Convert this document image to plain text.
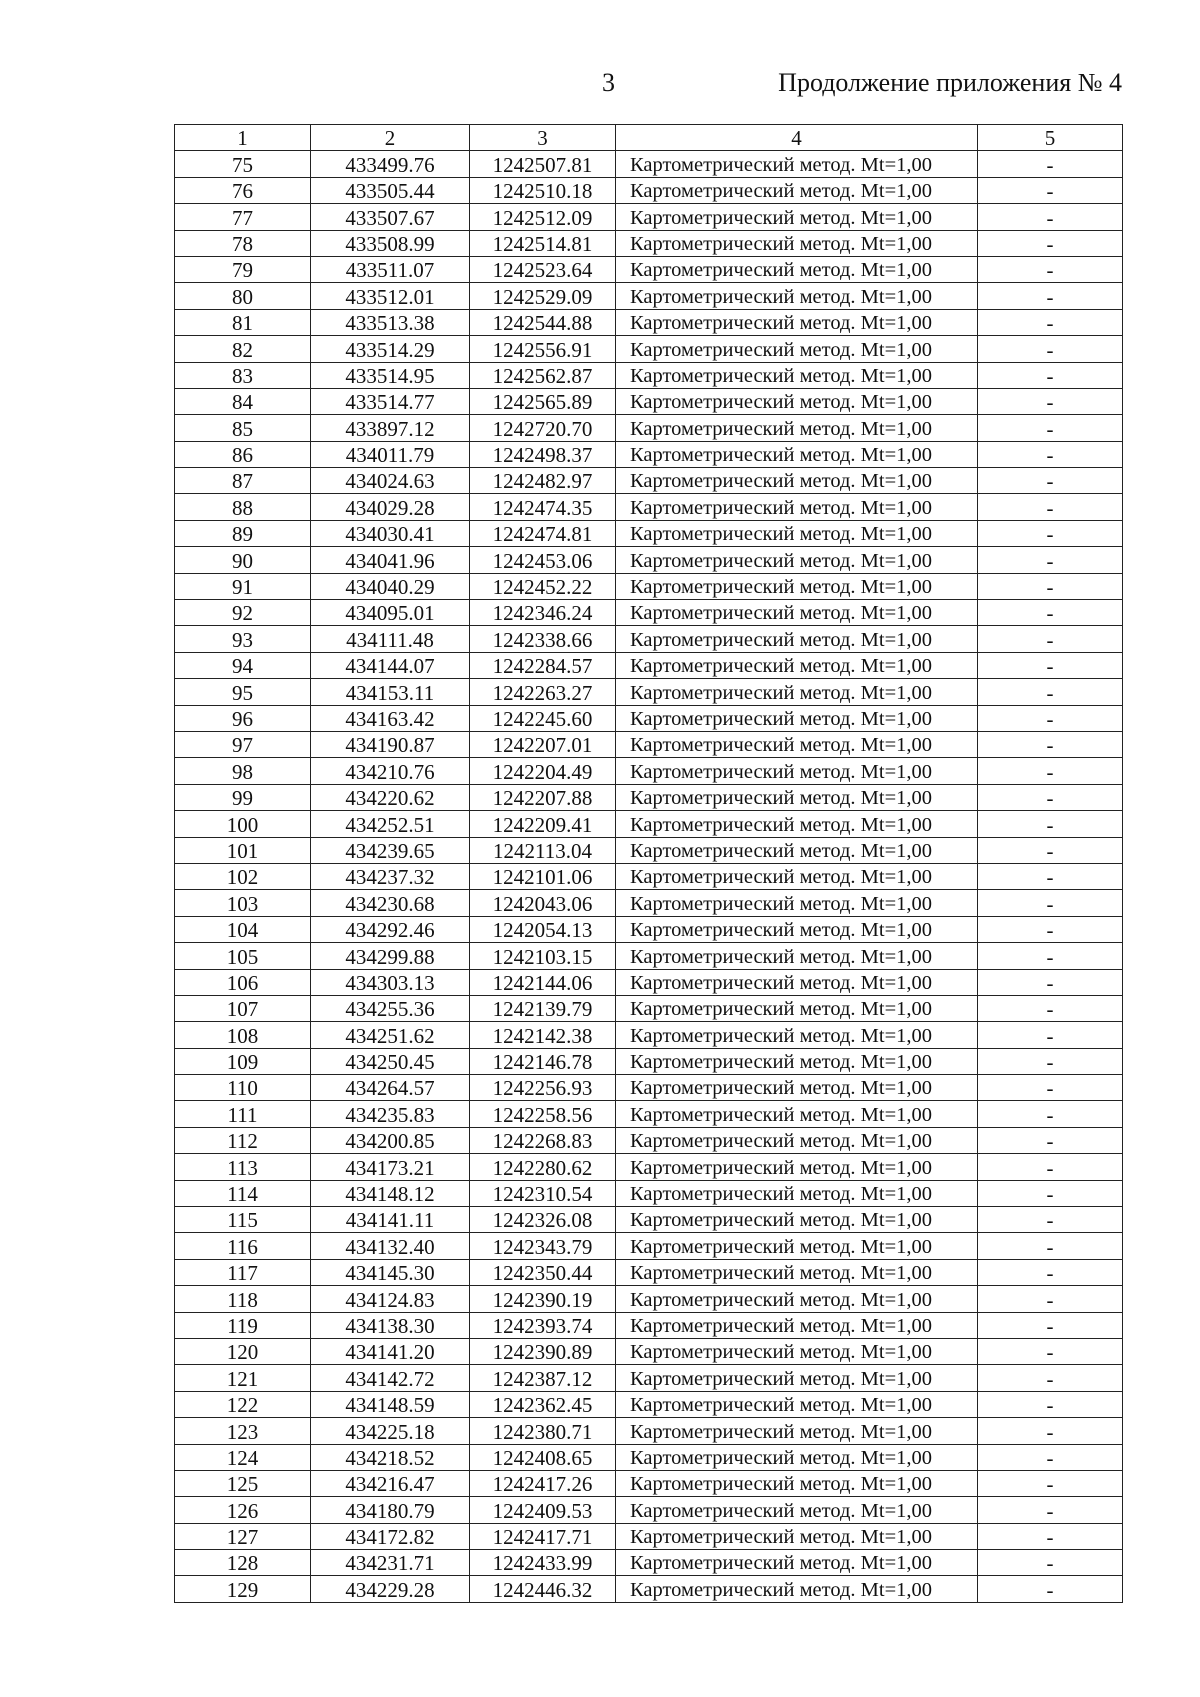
3	Продолжение приложения № 4
1	2	3	4	5
75	433499.76	1242507.81	Картометрический метод. Mt=1,00	-
76	433505.44	1242510.18	Картометрический метод. Mt=1,00	-
77	433507.67	1242512.09	Картометрический метод. Mt=1,00	-
78	433508.99	1242514.81	Картометрический метод. Mt=1,00	-
79	433511.07	1242523.64	Картометрический метод. Mt=1,00	-
80	433512.01	1242529.09	Картометрический метод. Mt=1,00	-
81	433513.38	1242544.88	Картометрический метод. Mt=1,00	-
82	433514.29	1242556.91	Картометрический метод. Mt=1,00	-
83	433514.95	1242562.87	Картометрический метод. Mt=1,00	-
84	433514.77	1242565.89	Картометрический метод. Mt=1,00	-
85	433897.12	1242720.70	Картометрический метод. Mt=1,00	-
86	434011.79	1242498.37	Картометрический метод. Mt=1,00	-
87	434024.63	1242482.97	Картометрический метод. Mt=1,00	-
88	434029.28	1242474.35	Картометрический метод. Mt=1,00	-
89	434030.41	1242474.81	Картометрический метод. Mt=1,00	-
90	434041.96	1242453.06	Картометрический метод. Mt=1,00	-
91	434040.29	1242452.22	Картометрический метод. Mt=1,00	-
92	434095.01	1242346.24	Картометрический метод. Mt=1,00	-
93	434111.48	1242338.66	Картометрический метод. Mt=1,00	-
94	434144.07	1242284.57	Картометрический метод. Mt=1,00	-
95	434153.11	1242263.27	Картометрический метод. Mt=1,00	-
96	434163.42	1242245.60	Картометрический метод. Mt=1,00	-
97	434190.87	1242207.01	Картометрический метод. Mt=1,00	-
98	434210.76	1242204.49	Картометрический метод. Mt=1,00	-
99	434220.62	1242207.88	Картометрический метод. Mt=1,00	-
100	434252.51	1242209.41	Картометрический метод. Mt=1,00	-
101	434239.65	1242113.04	Картометрический метод. Mt=1,00	-
102	434237.32	1242101.06	Картометрический метод. Mt=1,00	-
103	434230.68	1242043.06	Картометрический метод. Mt=1,00	-
104	434292.46	1242054.13	Картометрический метод. Mt=1,00	-
105	434299.88	1242103.15	Картометрический метод. Mt=1,00	-
106	434303.13	1242144.06	Картометрический метод. Mt=1,00	-
107	434255.36	1242139.79	Картометрический метод. Mt=1,00	-
108	434251.62	1242142.38	Картометрический метод. Mt=1,00	-
109	434250.45	1242146.78	Картометрический метод. Mt=1,00	-
110	434264.57	1242256.93	Картометрический метод. Mt=1,00	-
111	434235.83	1242258.56	Картометрический метод. Mt=1,00	-
112	434200.85	1242268.83	Картометрический метод. Mt=1,00	-
113	434173.21	1242280.62	Картометрический метод. Mt=1,00	-
114	434148.12	1242310.54	Картометрический метод. Mt=1,00	-
115	434141.11	1242326.08	Картометрический метод. Mt=1,00	-
116	434132.40	1242343.79	Картометрический метод. Mt=1,00	-
117	434145.30	1242350.44	Картометрический метод. Mt=1,00	-
118	434124.83	1242390.19	Картометрический метод. Mt=1,00	-
119	434138.30	1242393.74	Картометрический метод. Mt=1,00	-
120	434141.20	1242390.89	Картометрический метод. Mt=1,00	-
121	434142.72	1242387.12	Картометрический метод. Mt=1,00	-
122	434148.59	1242362.45	Картометрический метод. Mt=1,00	-
123	434225.18	1242380.71	Картометрический метод. Mt=1,00	-
124	434218.52	1242408.65	Картометрический метод. Mt=1,00	-
125	434216.47	1242417.26	Картометрический метод. Mt=1,00	-
126	434180.79	1242409.53	Картометрический метод. Mt=1,00	-
127	434172.82	1242417.71	Картометрический метод. Mt=1,00	-
128	434231.71	1242433.99	Картометрический метод. Mt=1,00	-
129	434229.28	1242446.32	Картометрический метод. Mt=1,00	-
